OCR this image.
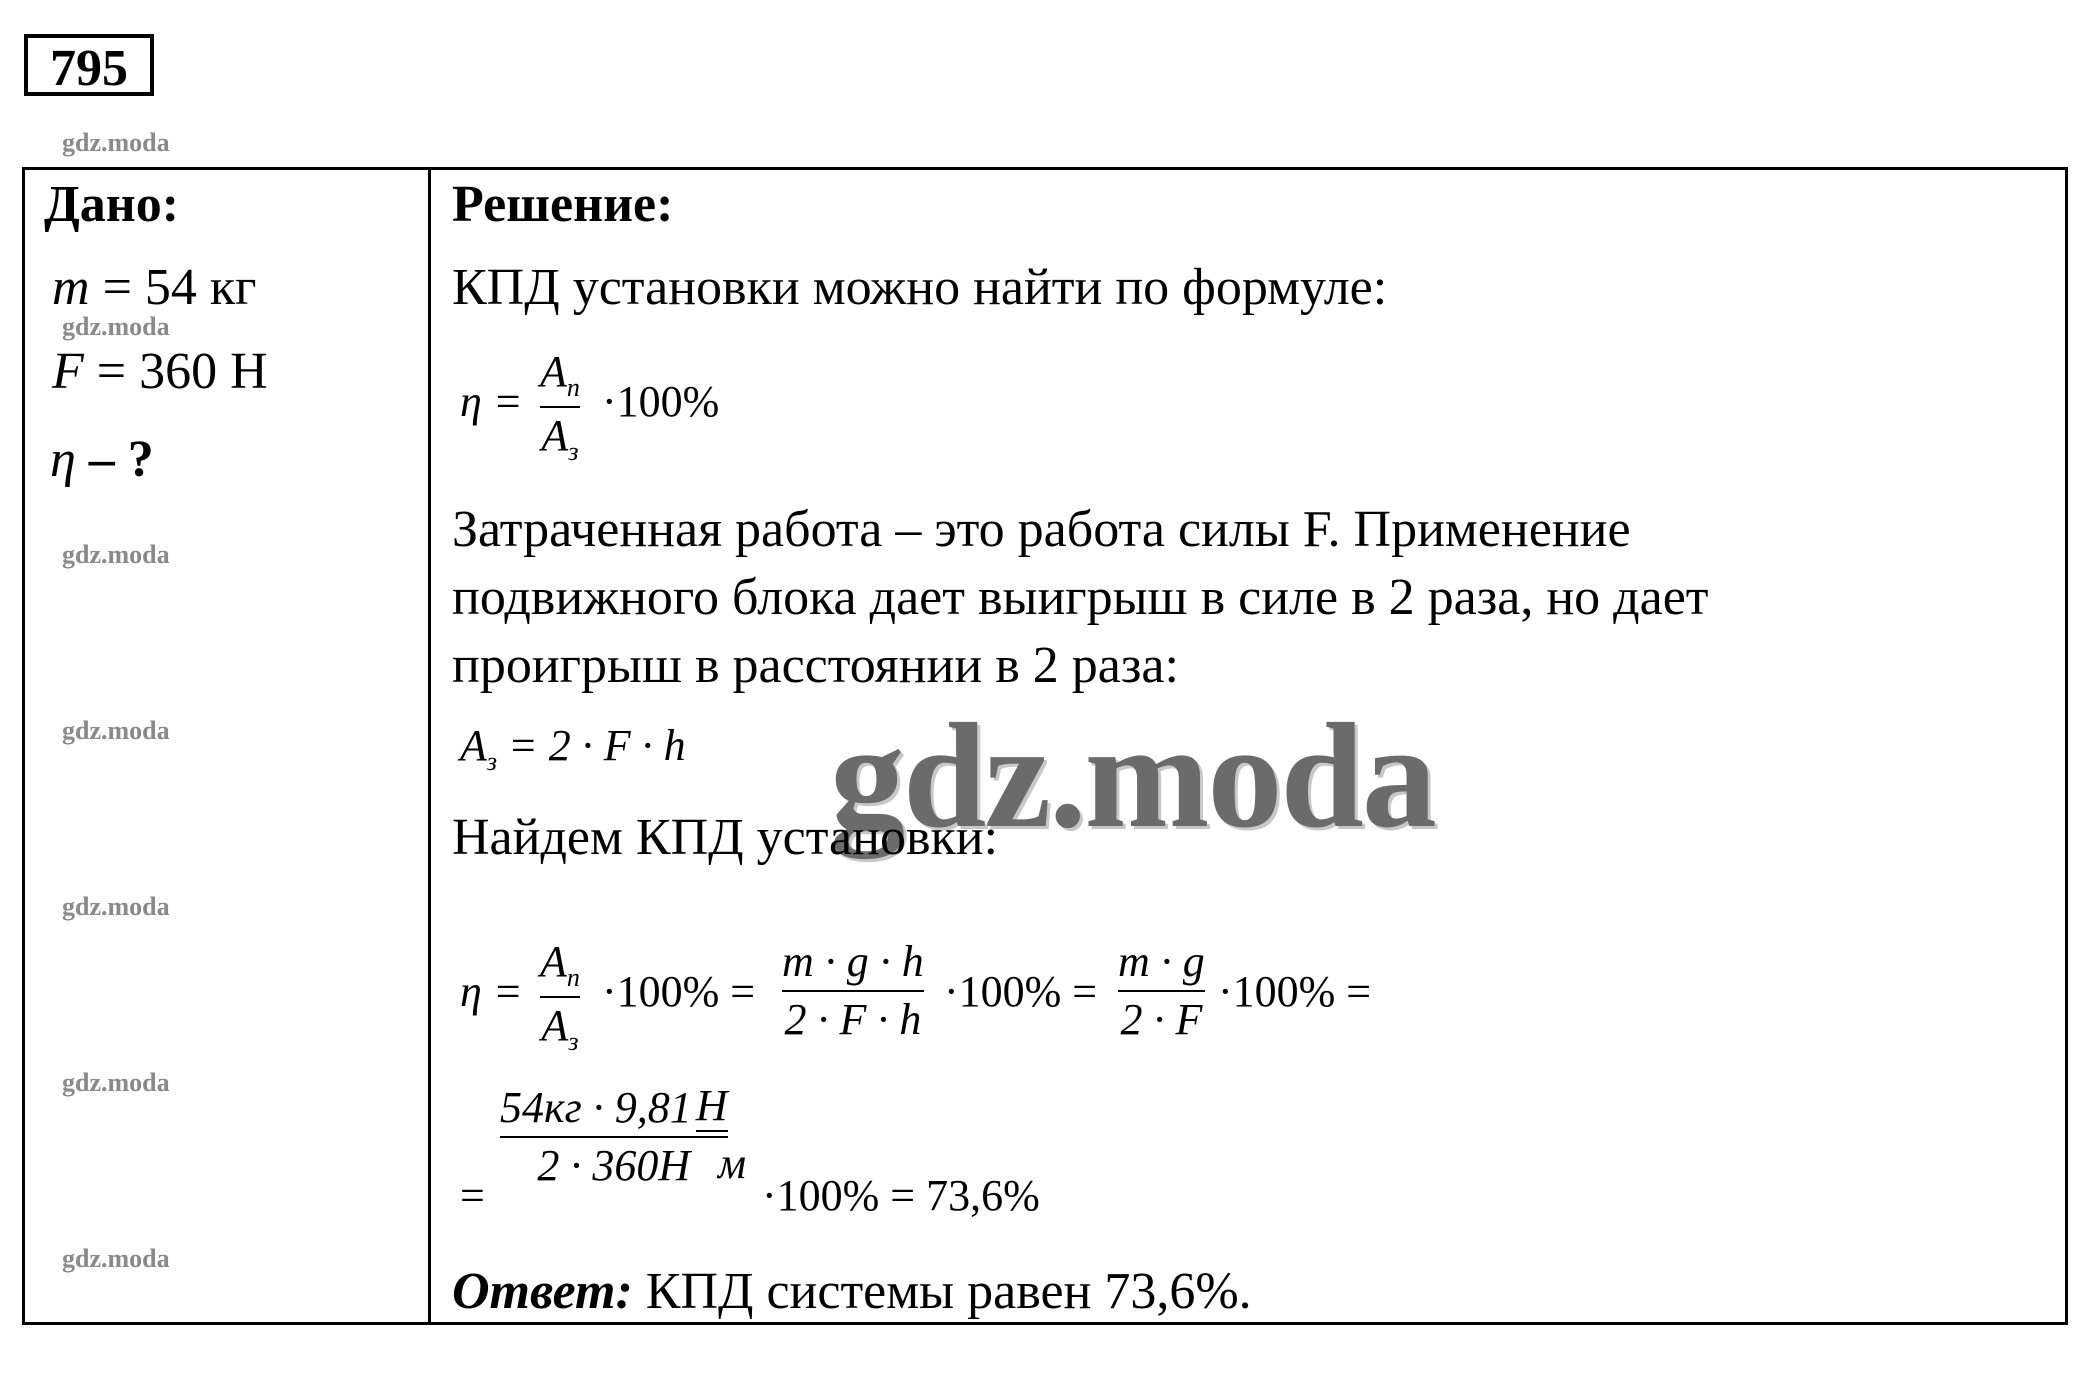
795
gdz.moda
gdz.moda
gdz.moda
gdz.moda
gdz.moda
gdz.moda
gdz.moda
Дано:
m = 54 кг
F = 360 Н
η – ?
Решение:
КПД установки можно найти по формуле:
η =
$A_п$
$A_з$
·100%
Затраченная работа – это работа силы F. Применение
подвижного блока дает выигрыш в силе в 2 раза, но дает
проигрыш в расстоянии в 2 раза:
$A_з = 2 \cdot F \cdot h$ gdz.moda
Найдем КПД установки:
η =
$A_п$
$A_з$
·100% =
m · g · h
2 · F · h
·100% =
m · g
2 · F
·100% =
=
54кг · 9,81 Н
2 · 360Н м
·100% = 73,6%
Ответ: КПД системы равен 73,6%.
